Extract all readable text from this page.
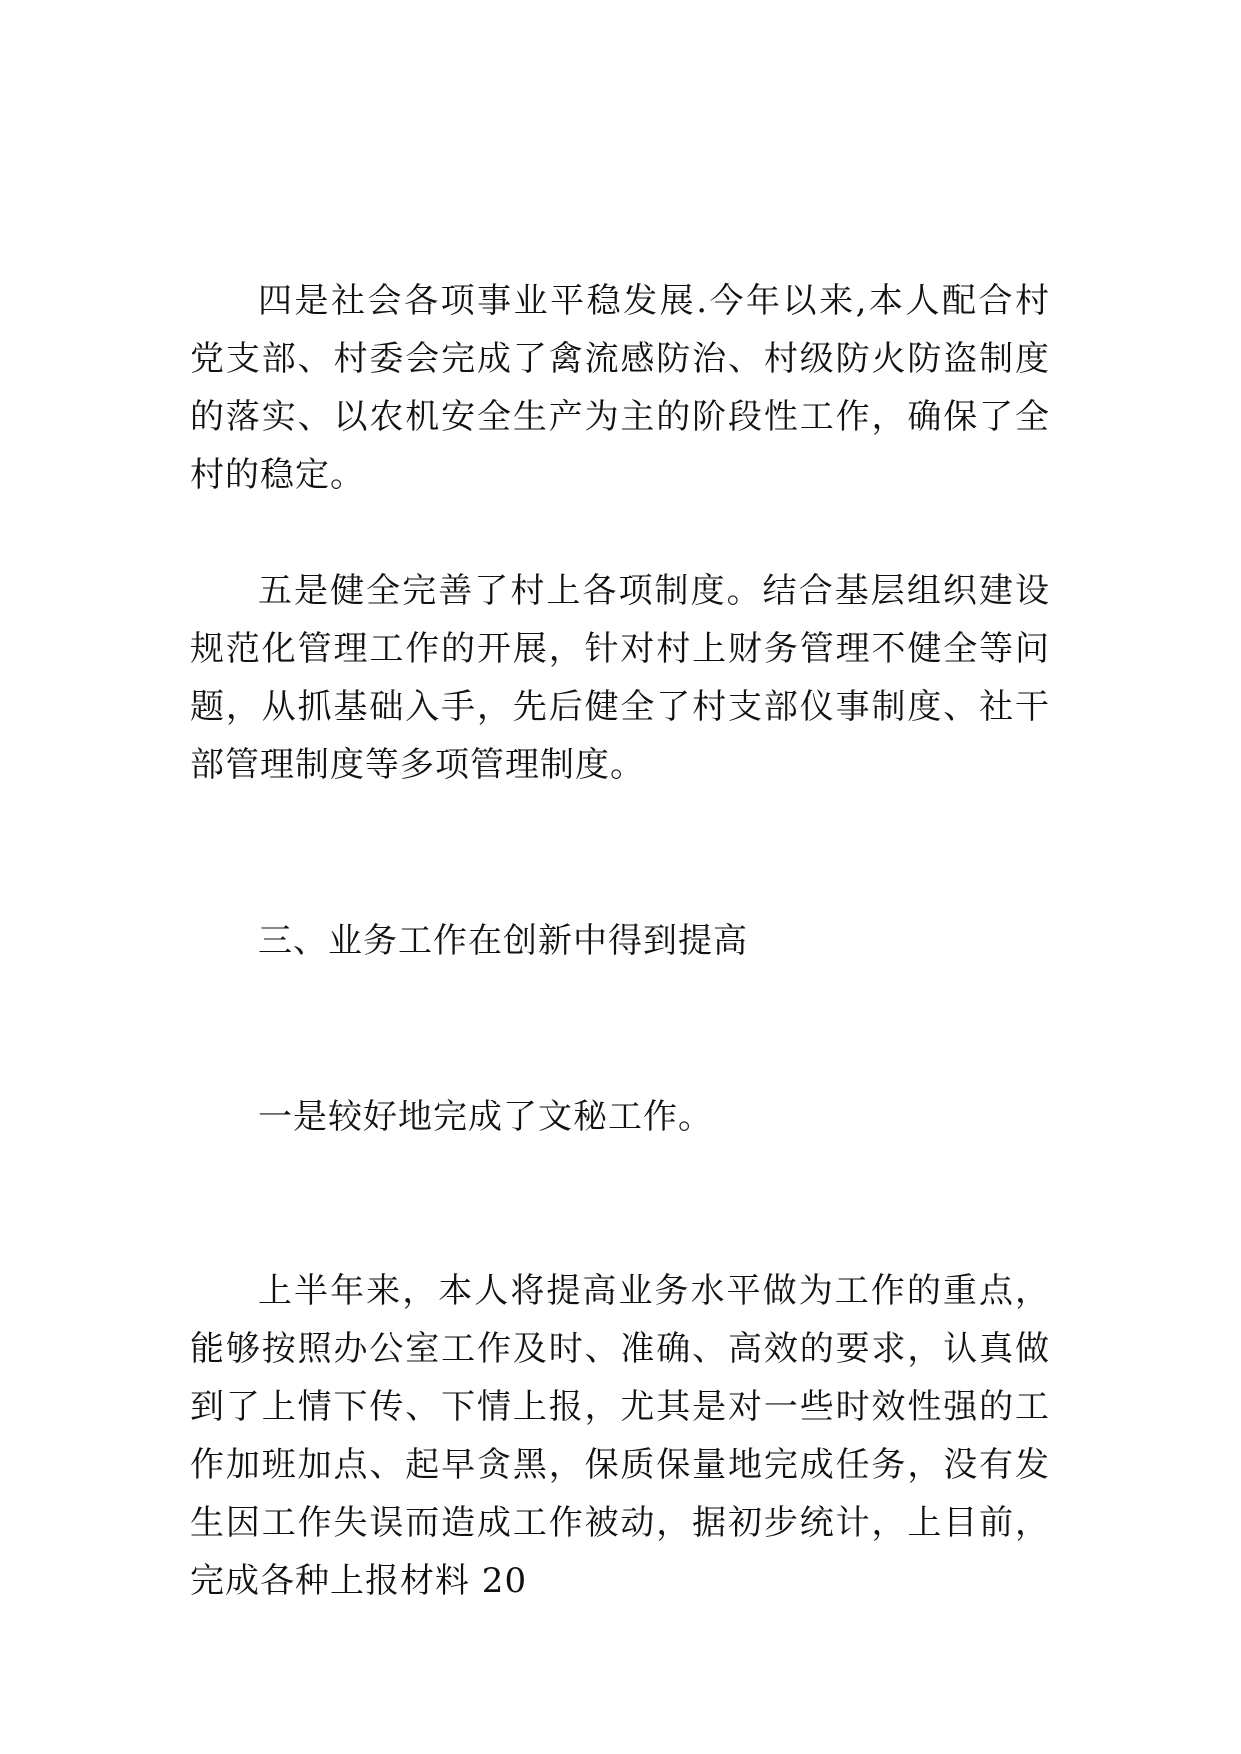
四是社会各项事业平稳发展.今年以来,本人配合村党支部、村委会完成了禽流感防治、村级防火防盗制度的落实、以农机安全生产为主的阶段性工作，确保了全村的稳定。

五是健全完善了村上各项制度。结合基层组织建设规范化管理工作的开展，针对村上财务管理不健全等问题，从抓基础入手，先后健全了村支部仪事制度、社干部管理制度等多项管理制度。

三、业务工作在创新中得到提高

一是较好地完成了文秘工作。

上半年来，本人将提高业务水平做为工作的重点，能够按照办公室工作及时、准确、高效的要求，认真做到了上情下传、下情上报，尤其是对一些时效性强的工作加班加点、起早贪黑，保质保量地完成任务，没有发生因工作失误而造成工作被动，据初步统计，上目前，完成各种上报材料 20
